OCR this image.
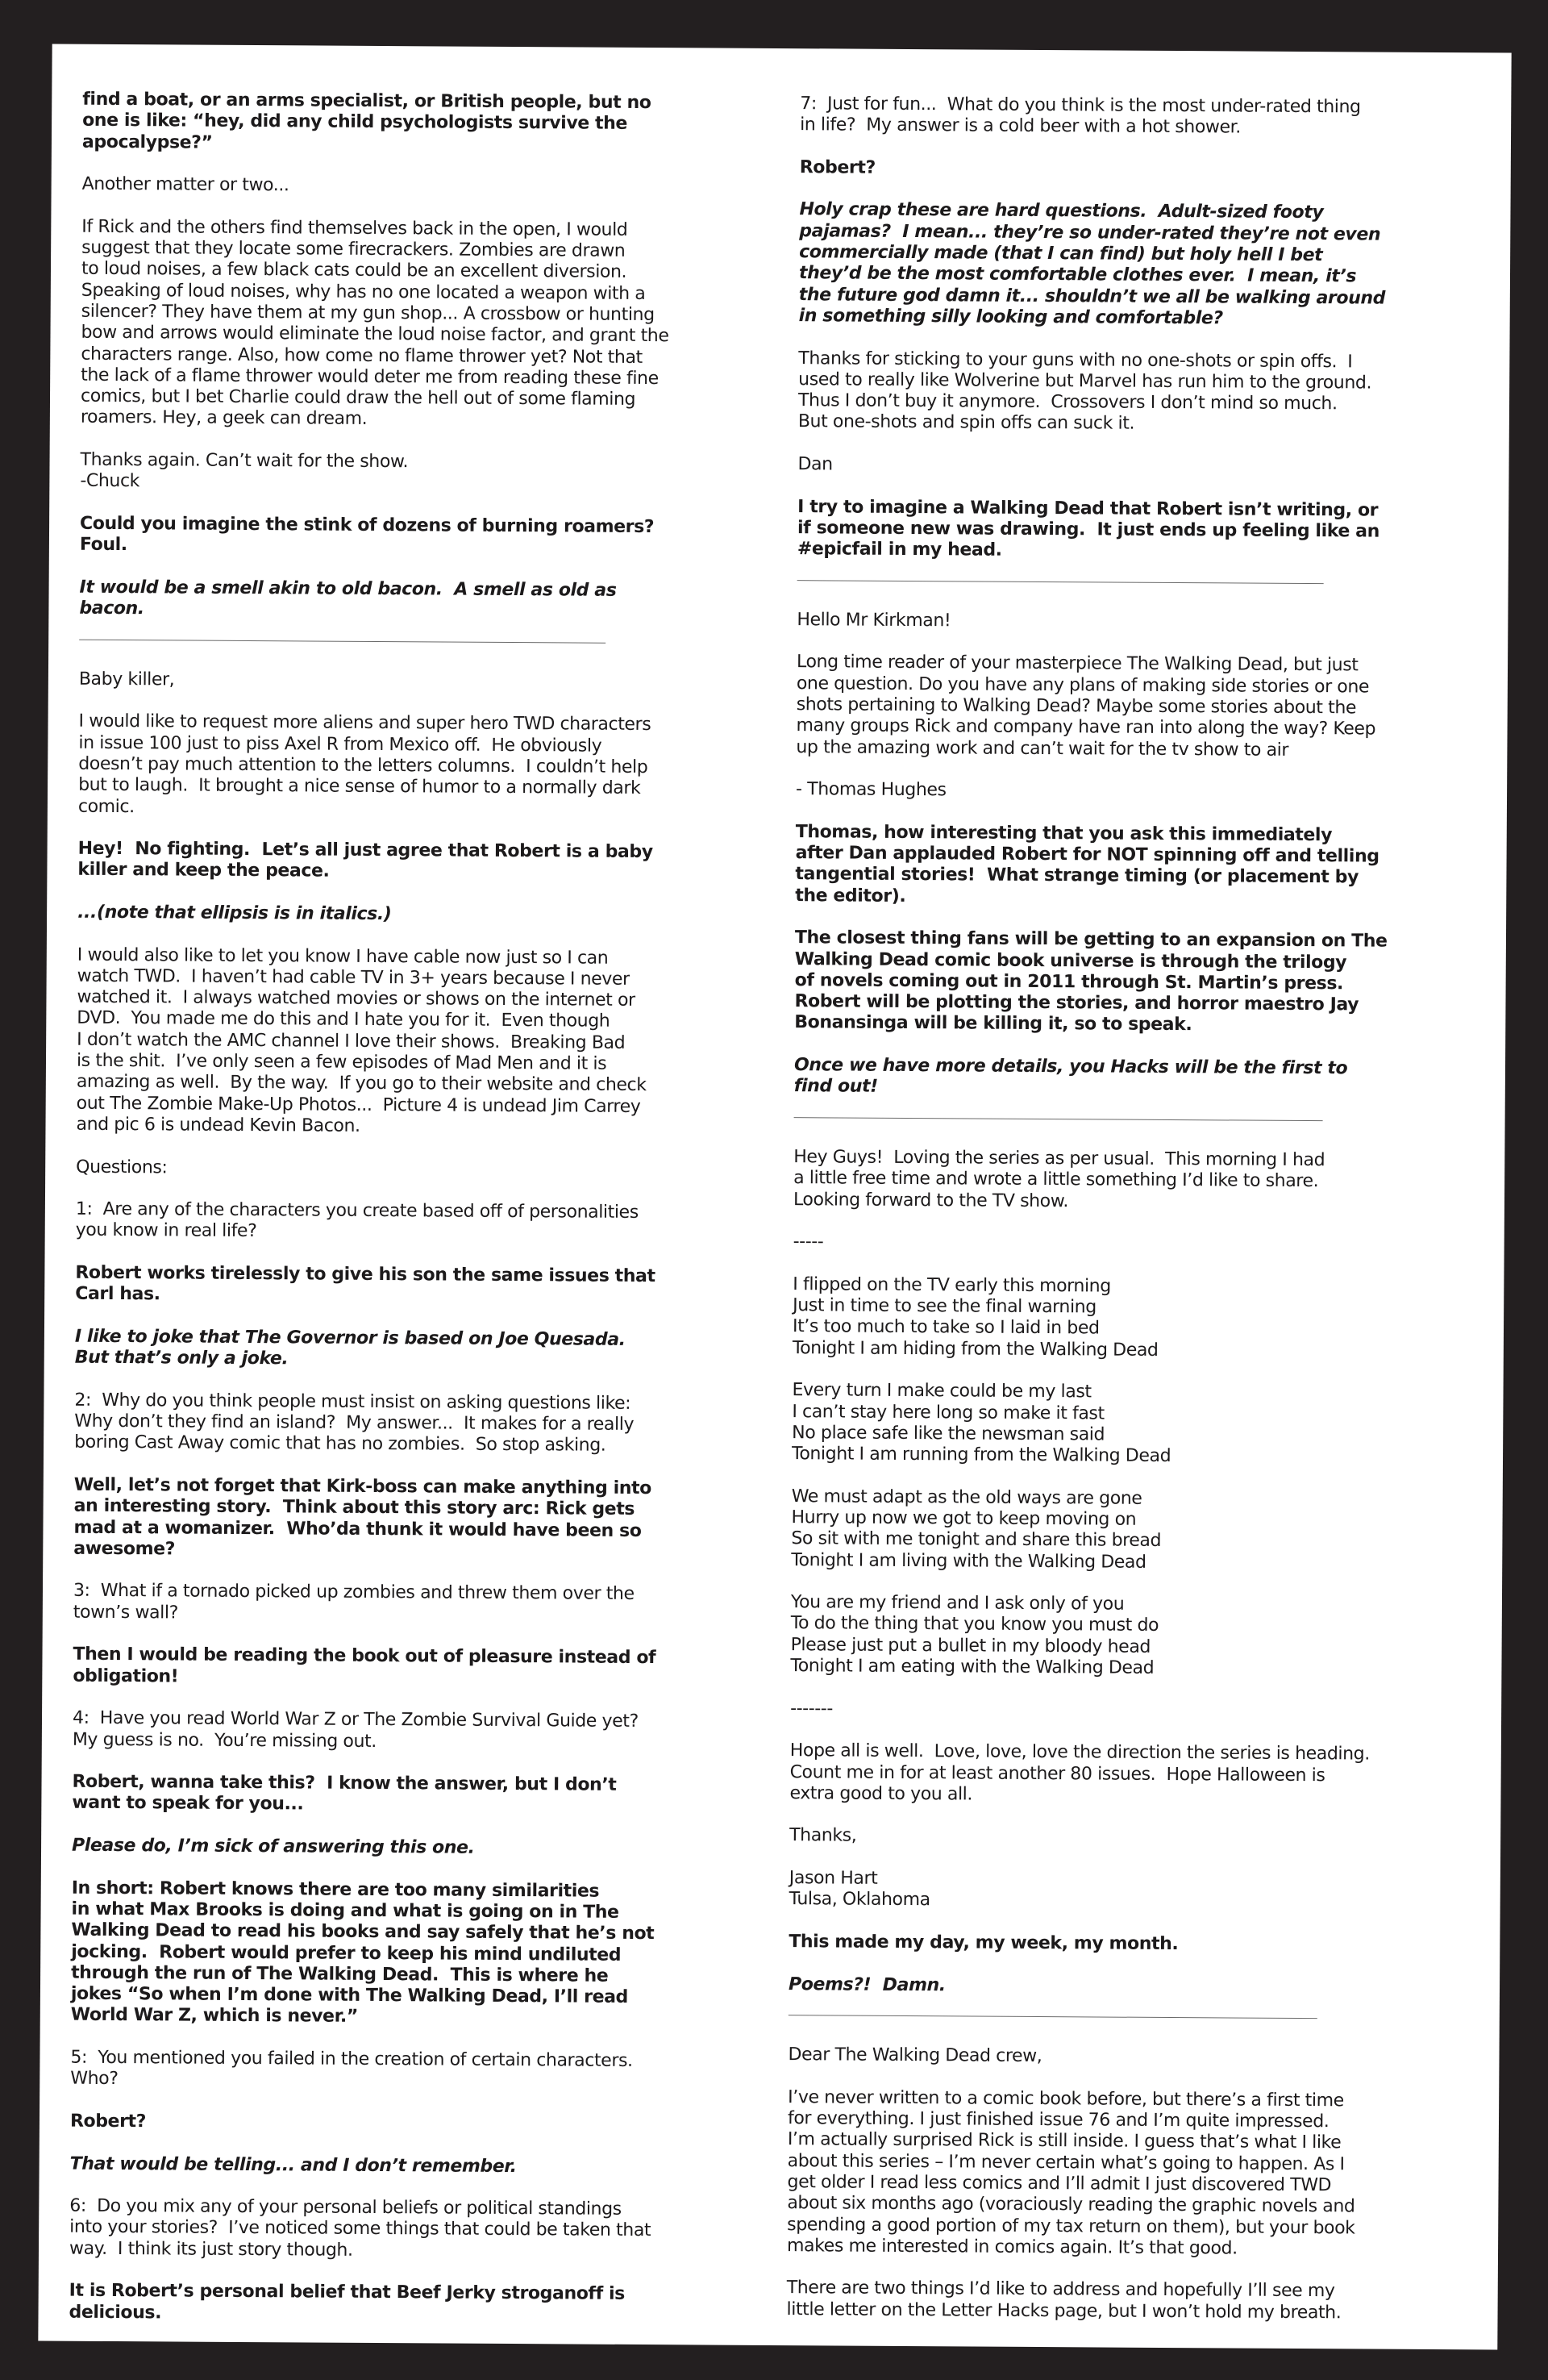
find a boat, or an arms specialist, or British people, but no
one is like: “hey, did any child psychologists survive the
apocalypse?”

Another matter or two...

If Rick and the others find themselves back in the open, I would
suggest that they locate some firecrackers. Zombies are drawn
to loud noises, a few black cats could be an excellent diversion.
Speaking of loud noises, why has no one located a weapon with a
silencer? They have them at my gun shop... A crossbow or hunting
bow and arrows would eliminate the loud noise factor, and grant the
characters range. Also, how come no flame thrower yet? Not that
the lack of a flame thrower would deter me from reading these fine
comics, but I bet Charlie could draw the hell out of some flaming
roamers. Hey, a geek can dream.

Thanks again. Can’t wait for the show.
-Chuck

Could you imagine the stink of dozens of burning roamers?
Foul.

It would be a smell akin to old bacon.  A smell as old as
bacon.

Baby killer,

I would like to request more aliens and super hero TWD characters
in issue 100 just to piss Axel R from Mexico off.  He obviously
doesn’t pay much attention to the letters columns.  I couldn’t help
but to laugh.  It brought a nice sense of humor to a normally dark
comic.

Hey!  No fighting.  Let’s all just agree that Robert is a baby
killer and keep the peace.

...(note that ellipsis is in italics.)

I would also like to let you know I have cable now just so I can
watch TWD.  I haven’t had cable TV in 3+ years because I never
watched it.  I always watched movies or shows on the internet or
DVD.  You made me do this and I hate you for it.  Even though
I don’t watch the AMC channel I love their shows.  Breaking Bad
is the shit.  I’ve only seen a few episodes of Mad Men and it is
amazing as well.  By the way.  If you go to their website and check
out The Zombie Make-Up Photos...  Picture 4 is undead Jim Carrey
and pic 6 is undead Kevin Bacon.

Questions:

1:  Are any of the characters you create based off of personalities
you know in real life?

Robert works tirelessly to give his son the same issues that
Carl has.

I like to joke that The Governor is based on Joe Quesada.
But that’s only a joke.

2:  Why do you think people must insist on asking questions like:
Why don’t they find an island?  My answer...  It makes for a really
boring Cast Away comic that has no zombies.  So stop asking.

Well, let’s not forget that Kirk-boss can make anything into
an interesting story.  Think about this story arc: Rick gets
mad at a womanizer.  Who’da thunk it would have been so
awesome?

3:  What if a tornado picked up zombies and threw them over the
town’s wall?

Then I would be reading the book out of pleasure instead of
obligation!

4:  Have you read World War Z or The Zombie Survival Guide yet?
My guess is no.  You’re missing out.

Robert, wanna take this?  I know the answer, but I don’t
want to speak for you...

Please do, I’m sick of answering this one.

In short: Robert knows there are too many similarities
in what Max Brooks is doing and what is going on in The
Walking Dead to read his books and say safely that he’s not
jocking.  Robert would prefer to keep his mind undiluted
through the run of The Walking Dead.  This is where he
jokes “So when I’m done with The Walking Dead, I’ll read
World War Z, which is never.”

5:  You mentioned you failed in the creation of certain characters.
Who?

Robert?

That would be telling... and I don’t remember.

6:  Do you mix any of your personal beliefs or political standings
into your stories?  I’ve noticed some things that could be taken that
way.  I think its just story though.

It is Robert’s personal belief that Beef Jerky stroganoff is
delicious.

7:  Just for fun...  What do you think is the most under-rated thing
in life?  My answer is a cold beer with a hot shower.

Robert?

Holy crap these are hard questions.  Adult-sized footy
pajamas?  I mean... they’re so under-rated they’re not even
commercially made (that I can find) but holy hell I bet
they’d be the most comfortable clothes ever.  I mean, it’s
the future god damn it... shouldn’t we all be walking around
in something silly looking and comfortable?

Thanks for sticking to your guns with no one-shots or spin offs.  I
used to really like Wolverine but Marvel has run him to the ground.
Thus I don’t buy it anymore.  Crossovers I don’t mind so much.
But one-shots and spin offs can suck it.

Dan

I try to imagine a Walking Dead that Robert isn’t writing, or
if someone new was drawing.  It just ends up feeling like an
#epicfail in my head.

Hello Mr Kirkman!

Long time reader of your masterpiece The Walking Dead, but just
one question. Do you have any plans of making side stories or one
shots pertaining to Walking Dead? Maybe some stories about the
many groups Rick and company have ran into along the way? Keep
up the amazing work and can’t wait for the tv show to air

- Thomas Hughes

Thomas, how interesting that you ask this immediately
after Dan applauded Robert for NOT spinning off and telling
tangential stories!  What strange timing (or placement by
the editor).

The closest thing fans will be getting to an expansion on The
Walking Dead comic book universe is through the trilogy
of novels coming out in 2011 through St. Martin’s press.
Robert will be plotting the stories, and horror maestro Jay
Bonansinga will be killing it, so to speak.

Once we have more details, you Hacks will be the first to
find out!

Hey Guys!  Loving the series as per usual.  This morning I had
a little free time and wrote a little something I’d like to share.
Looking forward to the TV show.

-----

I flipped on the TV early this morning
Just in time to see the final warning
It’s too much to take so I laid in bed
Tonight I am hiding from the Walking Dead

Every turn I make could be my last
I can’t stay here long so make it fast
No place safe like the newsman said
Tonight I am running from the Walking Dead

We must adapt as the old ways are gone
Hurry up now we got to keep moving on
So sit with me tonight and share this bread
Tonight I am living with the Walking Dead

You are my friend and I ask only of you
To do the thing that you know you must do
Please just put a bullet in my bloody head
Tonight I am eating with the Walking Dead

-------

Hope all is well.  Love, love, love the direction the series is heading.
Count me in for at least another 80 issues.  Hope Halloween is
extra good to you all.

Thanks,

Jason Hart
Tulsa, Oklahoma

This made my day, my week, my month.

Poems?!  Damn.

Dear The Walking Dead crew,

I’ve never written to a comic book before, but there’s a first time
for everything. I just finished issue 76 and I’m quite impressed.
I’m actually surprised Rick is still inside. I guess that’s what I like
about this series – I’m never certain what’s going to happen. As I
get older I read less comics and I’ll admit I just discovered TWD
about six months ago (voraciously reading the graphic novels and
spending a good portion of my tax return on them), but your book
makes me interested in comics again. It’s that good.

There are two things I’d like to address and hopefully I’ll see my
little letter on the Letter Hacks page, but I won’t hold my breath.
